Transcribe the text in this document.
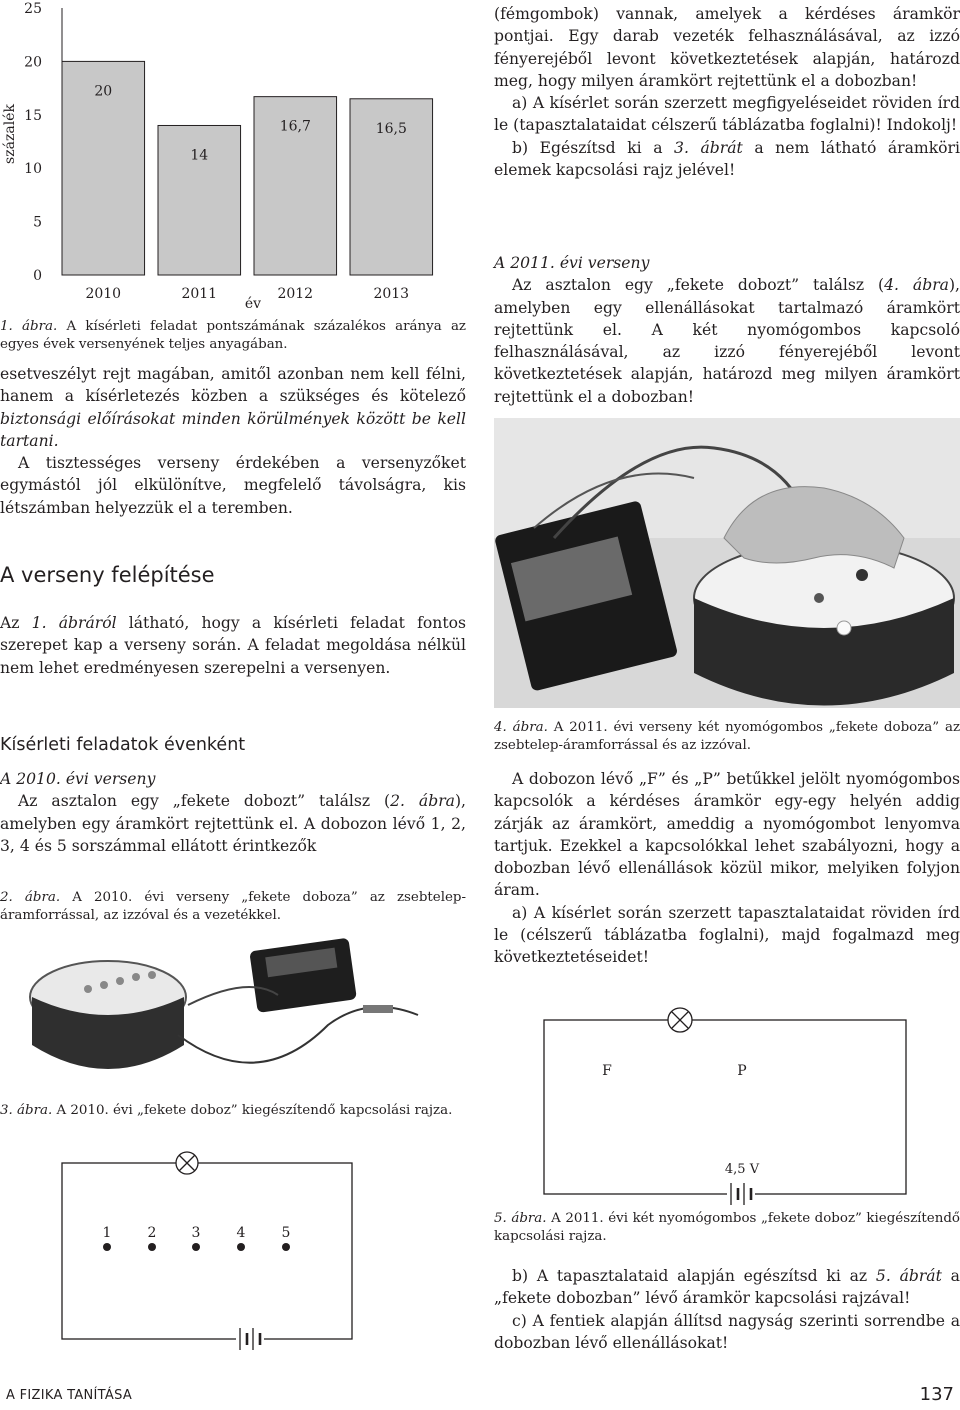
százalék
0
5
10
15
20
25
20
2010
14
2011
16,7
2012
16,5
2013
év
1. ábra. A kísérleti feladat pontszámának százalékos aránya az egyes évek versenyének teljes anyagában.

esetveszélyt rejt magában, amitől azonban nem kell félni, hanem a kísérletezés közben a szükséges és kötelező biztonsági előírásokat minden körülmények között be kell tartani.

A tisztességes verseny érdekében a versenyzőket egymástól jól elkülönítve, megfelelő távolságra, kis létszámban helyezzük el a teremben.

A verseny felépítése

Az 1. ábráról látható, hogy a kísérleti feladat fontos szerepet kap a verseny során. A feladat megoldása nélkül nem lehet eredményesen szerepelni a versenyen.

Kísérleti feladatok évenként

A 2010. évi verseny

Az asztalon egy „fekete dobozt” találsz (2. ábra), amelyben egy áramkört rejtettünk el. A dobozon lévő 1, 2, 3, 4 és 5 sorszámmal ellátott érintkezők

2. ábra. A 2010. évi verseny „fekete doboza” az zsebtelep-áramforrással, az izzóval és a vezetékkel.
3. ábra. A 2010. évi „fekete doboz” kiegészítendő kapcsolási rajza.
1	2	3	4	5

(fémgombok) vannak, amelyek a kérdéses áramkör pontjai. Egy darab vezeték felhasználásával, az izzó fényerejéből levont következtetések alapján, határozd meg, hogy milyen áramkört rejtettünk el a dobozban!

a) A kísérlet során szerzett megfigyeléseidet röviden írd le (tapasztalataidat célszerű táblázatba foglalni)! Indokolj!

b) Egészítsd ki a 3. ábrát a nem látható áramköri elemek kapcsolási rajz jelével!

A 2011. évi verseny

Az asztalon egy „fekete dobozt” találsz (4. ábra), amelyben egy ellenállásokat tartalmazó áramkört rejtettünk el. A két nyomógombos kapcsoló felhasználásával, az izzó fényerejéből levont következtetések alapján, határozd meg milyen áramkört rejtettünk el a dobozban!

4. ábra. A 2011. évi verseny két nyomógombos „fekete doboza” az zsebtelep-áramforrással és az izzóval.

A dobozon lévő „F” és „P” betűkkel jelölt nyomógombos kapcsolók a kérdéses áramkör egy-egy helyén addig zárják az áramkört, ameddig a nyomógombot lenyomva tartjuk. Ezekkel a kapcsolókkal lehet szabályozni, hogy a dobozban lévő ellenállások közül mikor, melyiken folyjon áram.

a) A kísérlet során szerzett tapasztalataidat röviden írd le (célszerű táblázatba foglalni), majd fogalmazd meg következtetéseidet!

F	P
4,5 V
5. ábra. A 2011. évi két nyomógombos „fekete doboz” kiegészítendő kapcsolási rajza.

b) A tapasztalataid alapján egészítsd ki az 5. ábrát a „fekete dobozban” lévő áramkör kapcsolási rajzával!

c) A fentiek alapján állítsd nagyság szerinti sorrendbe a dobozban lévő ellenállásokat!

A FIZIKA TANÍTÁSA	137
